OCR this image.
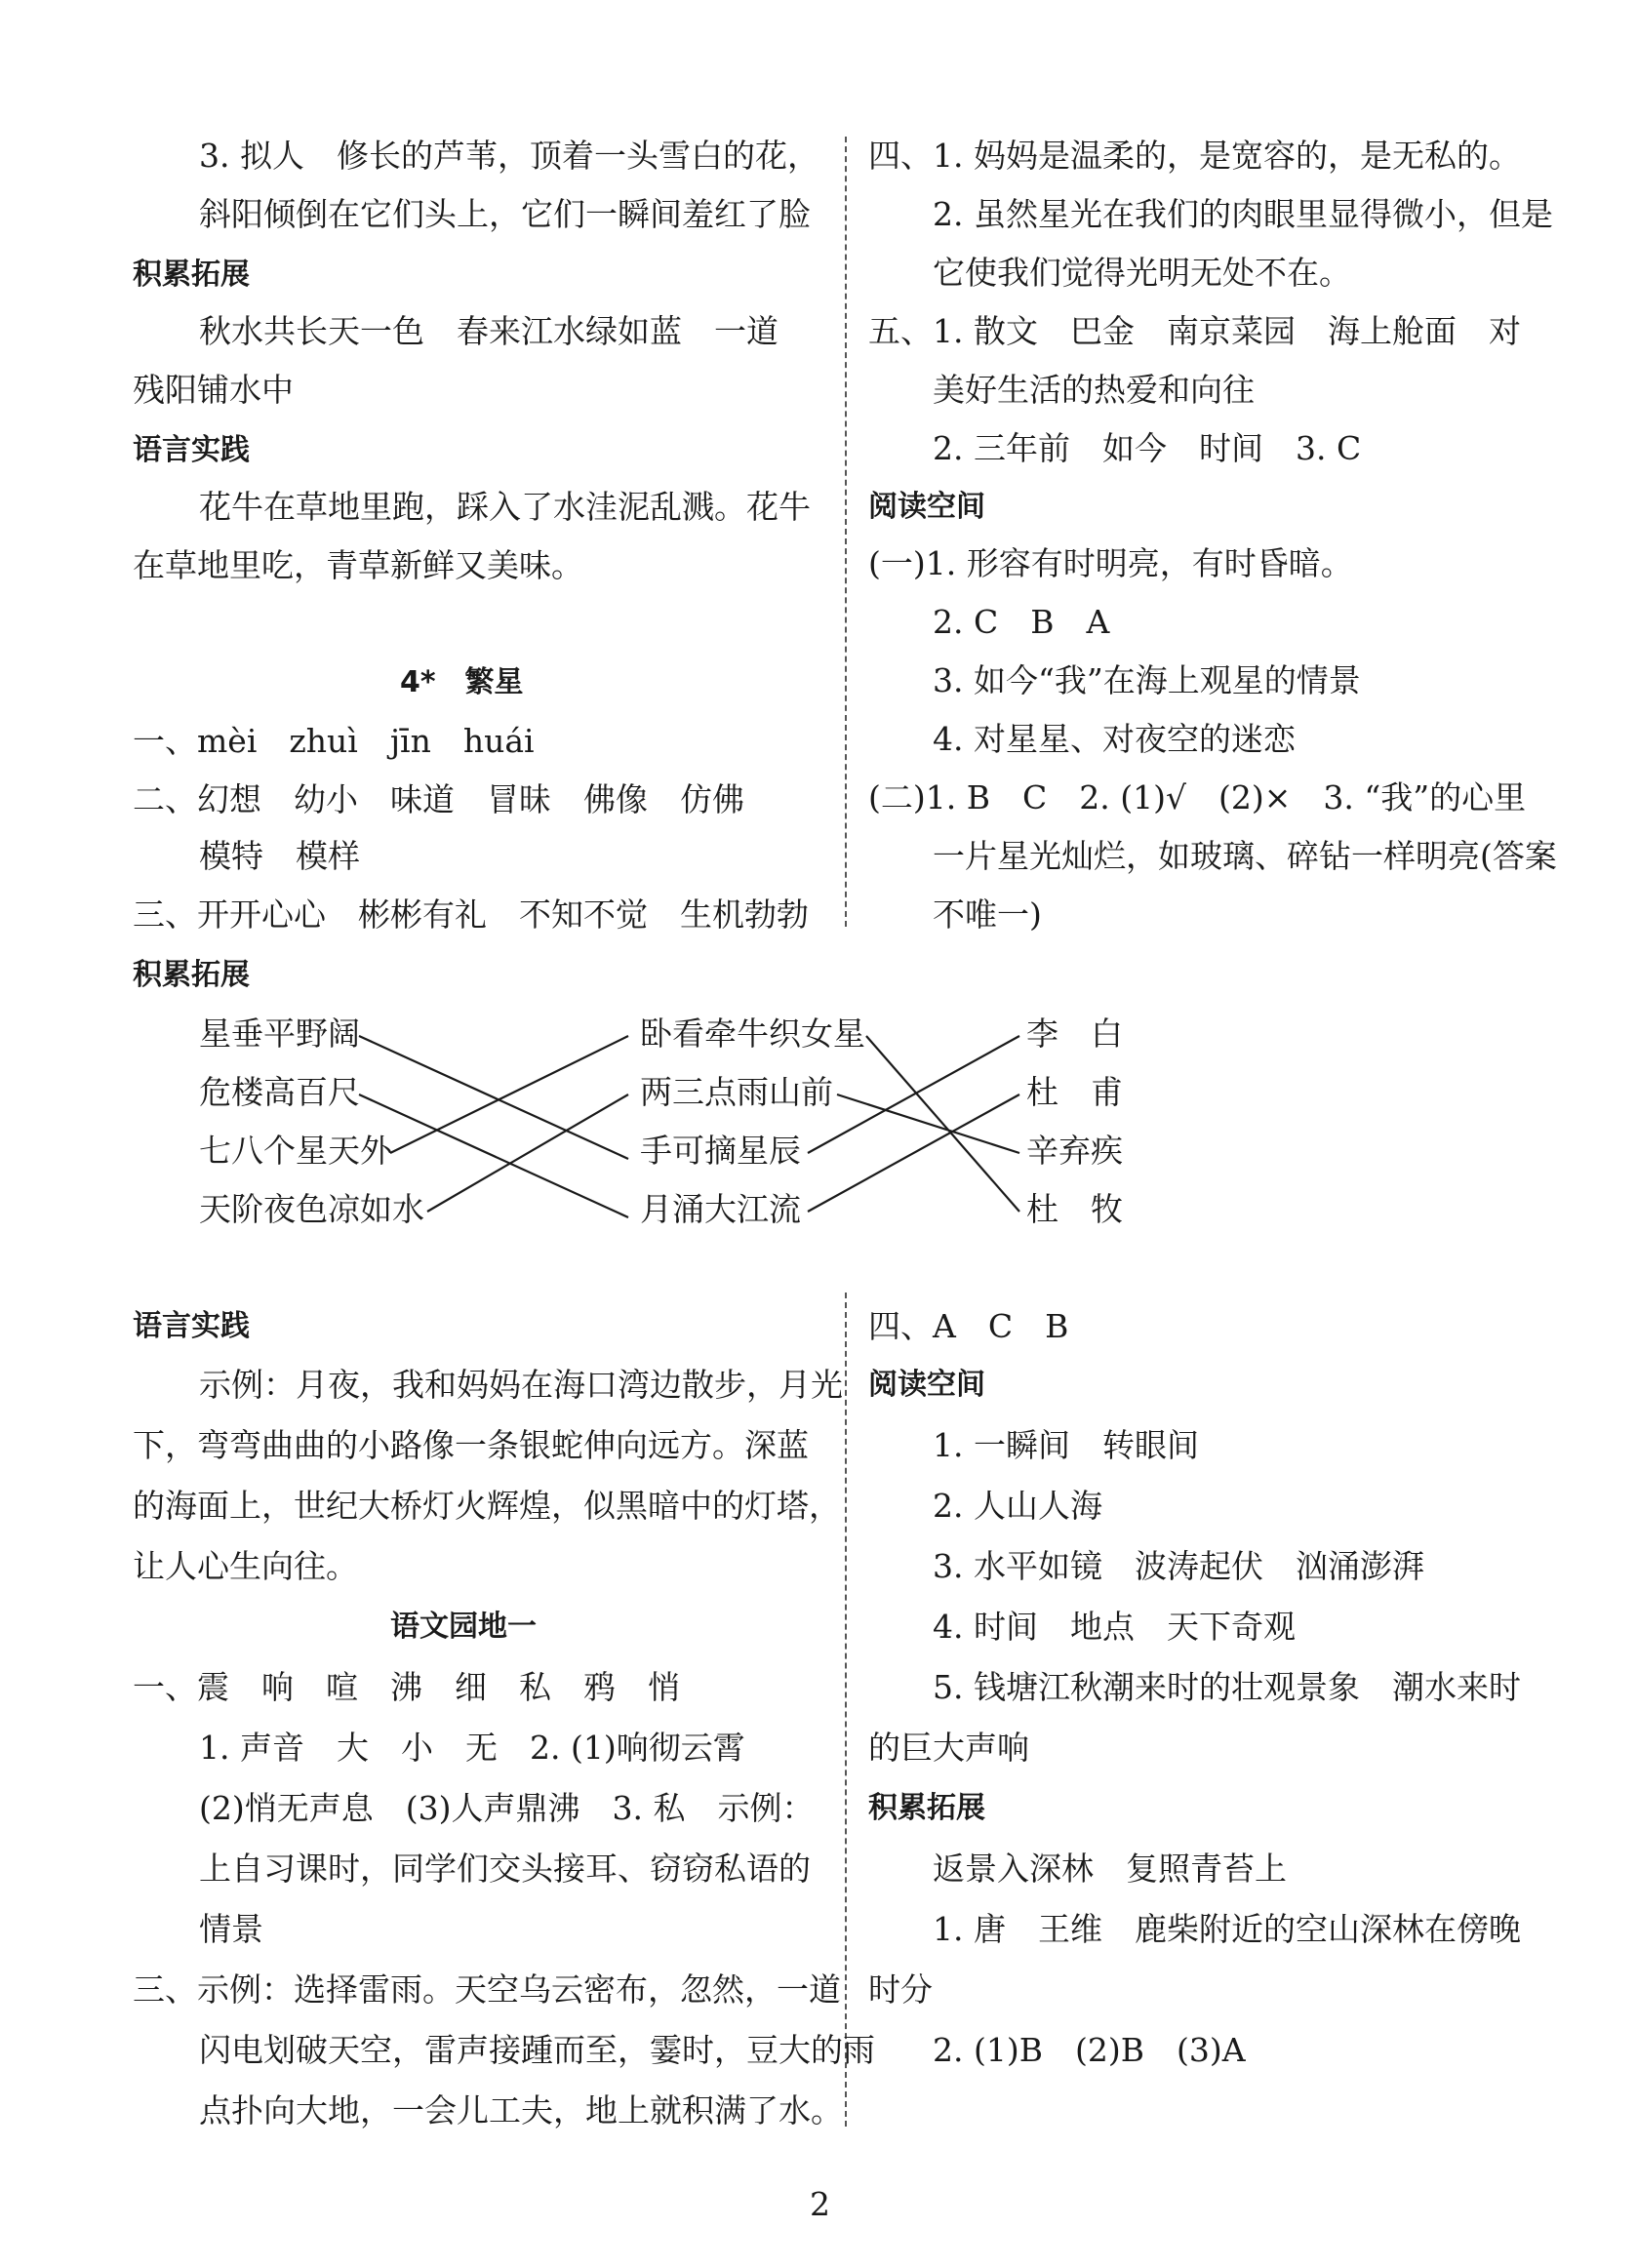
3. 拟人　修长的芦苇，顶着一头雪白的花，
斜阳倾倒在它们头上，它们一瞬间羞红了脸
积累拓展
秋水共长天一色　春来江水绿如蓝　一道
残阳铺水中
语言实践
花牛在草地里跑，踩入了水洼泥乱溅。花牛
在草地里吃，青草新鲜又美味。
4*　繁星
一、mèi　zhuì　jīn　huái
二、幻想　幼小　味道　冒昧　佛像　仿佛
模特　模样
三、开开心心　彬彬有礼　不知不觉　生机勃勃
四、1. 妈妈是温柔的，是宽容的，是无私的。
2. 虽然星光在我们的肉眼里显得微小，但是
它使我们觉得光明无处不在。
五、1. 散文　巴金　南京菜园　海上舱面　对
美好生活的热爱和向往
2. 三年前　如今　时间　3. C
阅读空间
(一)1. 形容有时明亮，有时昏暗。
2. C　B　A
3. 如今“我”在海上观星的情景
4. 对星星、对夜空的迷恋
(二)1. B　C　2. (1)√　(2)×　3. “我”的心里
一片星光灿烂，如玻璃、碎钻一样明亮(答案
不唯一)
积累拓展
星垂平野阔
危楼高百尺
七八个星天外
天阶夜色凉如水
卧看牵牛织女星
两三点雨山前
手可摘星辰
月涌大江流
李　白
杜　甫
辛弃疾
杜　牧
语言实践
示例：月夜，我和妈妈在海口湾边散步，月光
下，弯弯曲曲的小路像一条银蛇伸向远方。深蓝
的海面上，世纪大桥灯火辉煌，似黑暗中的灯塔，
让人心生向往。
语文园地一
一、震　响　喧　沸　细　私　鸦　悄
1. 声音　大　小　无　2. (1)响彻云霄
(2)悄无声息　(3)人声鼎沸　3. 私　示例：
上自习课时，同学们交头接耳、窃窃私语的
情景
三、示例：选择雷雨。天空乌云密布，忽然，一道
闪电划破天空，雷声接踵而至，霎时，豆大的雨
点扑向大地，一会儿工夫，地上就积满了水。
四、A　C　B
阅读空间
1. 一瞬间　转眼间
2. 人山人海
3. 水平如镜　波涛起伏　汹涌澎湃
4. 时间　地点　天下奇观
5. 钱塘江秋潮来时的壮观景象　潮水来时
的巨大声响
积累拓展
返景入深林　复照青苔上
1. 唐　王维　鹿柴附近的空山深林在傍晚
时分
2. (1)B　(2)B　(3)A
2
